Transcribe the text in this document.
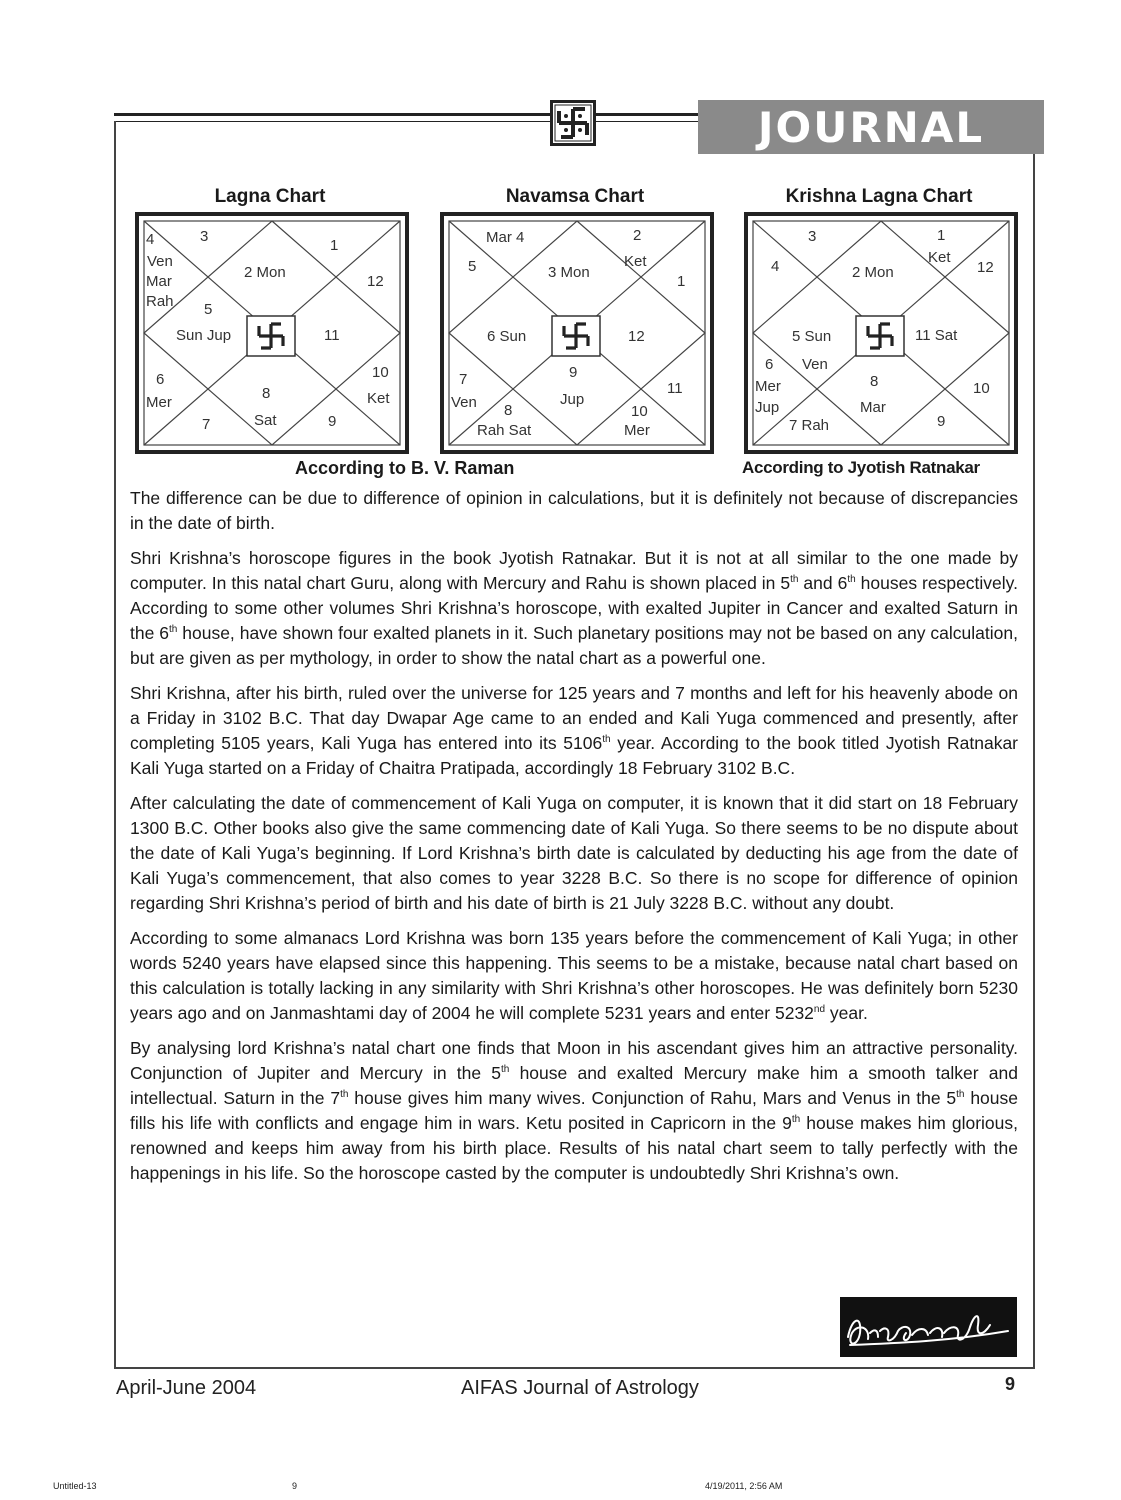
JOURNAL
Lagna Chart	Navamsa Chart	Krishna Lagna Chart
4	3
1
Ven
2 Mon
Mar	12
Rah 5
Sun Jup	11
10
6
8	Ket
Mer
7	Sat	9
Mar 4	2
Ket
5	3 Mon
1
6 Sun	12
9
7
11
Jup
Ven 8	10
Rah Sat	Mer
3	1
Ket
4	12
2 Mon
5 Sun	11 Sat
6 Ven
Mer	8	10
Jup	Mar
9
7 Rah
According to B. V. Raman	According to Jyotish Ratnakar

The difference can be due to difference of opinion in calculations, but it is definitely not because of discrepancies in the date of birth.

Shri Krishna’s horoscope figures in the book Jyotish Ratnakar. But it is not at all similar to the one made by computer. In this natal chart Guru, along with Mercury and Rahu is shown placed in 5th and 6th houses respectively. According to some other volumes Shri Krishna’s horoscope, with exalted Jupiter in Cancer and exalted Saturn in the 6th house, have shown four exalted planets in it. Such planetary positions may not be based on any calculation, but are given as per mythology, in order to show the natal chart as a powerful one.

Shri Krishna, after his birth, ruled over the universe for 125 years and 7 months and left for his heavenly abode on a Friday in 3102 B.C. That day Dwapar Age came to an ended and Kali Yuga commenced and presently, after completing 5105 years, Kali Yuga has entered into its 5106th year. According to the book titled Jyotish Ratnakar Kali Yuga started on a Friday of Chaitra Pratipada, accordingly 18 February 3102 B.C.

After calculating the date of commencement of Kali Yuga on computer, it is known that it did start on 18 February 1300 B.C. Other books also give the same commencing date of Kali Yuga. So there seems to be no dispute about the date of Kali Yuga’s beginning. If Lord Krishna’s birth date is calculated by deducting his age from the date of Kali Yuga’s commencement, that also comes to year 3228 B.C. So there is no scope for difference of opinion regarding Shri Krishna’s period of birth and his date of birth is 21 July 3228 B.C. without any doubt.

According to some almanacs Lord Krishna was born 135 years before the commencement of Kali Yuga; in other words 5240 years have elapsed since this happening. This seems to be a mistake, because natal chart based on this calculation is totally lacking in any similarity with Shri Krishna’s other horoscopes. He was definitely born 5230 years ago and on Janmashtami day of 2004 he will complete 5231 years and enter 5232nd year.

By analysing lord Krishna’s natal chart one finds that Moon in his ascendant gives him an attractive personality. Conjunction of Jupiter and Mercury in the 5th house and exalted Mercury make him a smooth talker and intellectual. Saturn in the 7th house gives him many wives. Conjunction of Rahu, Mars and Venus in the 5th house fills his life with conflicts and engage him in wars. Ketu posited in Capricorn in the 9th house makes him glorious, renowned and keeps him away from his birth place. Results of his natal chart seem to tally perfectly with the happenings in his life. So the horoscope casted by the computer is undoubtedly Shri Krishna’s own.

April-June 2004	AIFAS Journal of Astrology	9
Untitled-13	9	4/19/2011, 2:56 AM
